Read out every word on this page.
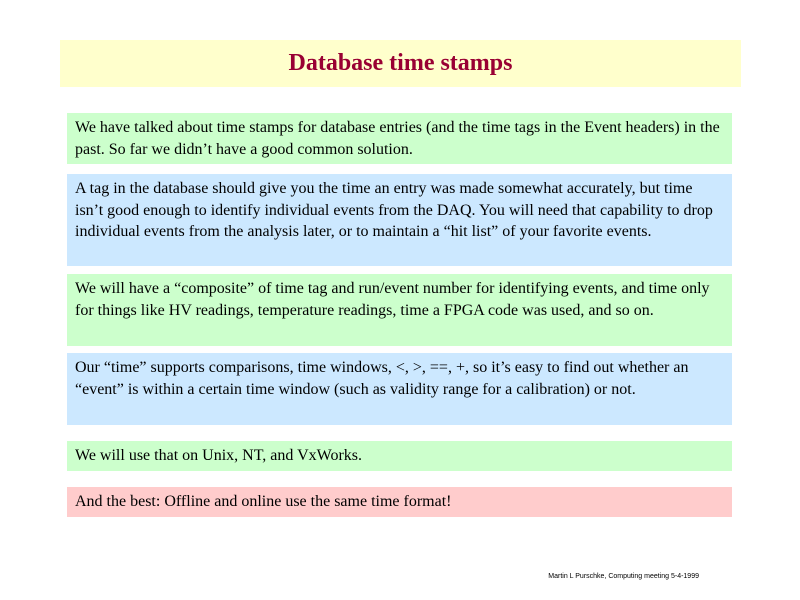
Database time stamps
We have talked about time stamps for database entries (and the time tags in the Event headers) in the past. So far we didn’t have a good common solution.
A tag in the database should give you the time an entry was made somewhat accurately, but time isn’t good enough to identify individual events from the DAQ. You will need that capability to drop individual events from the analysis later, or to maintain a “hit list” of your favorite events.
We will have a “composite” of time tag and run/event number for identifying events, and time only for things like HV readings, temperature readings, time a FPGA code was used, and so on.
Our “time” supports comparisons, time windows, <, >, ==, +, so it’s easy to find out whether an “event” is within a certain time window (such as validity range for a calibration) or not.
We will use that on Unix, NT, and VxWorks.
And the best: Offline and online use the same time format!
Martin L Purschke, Computing meeting 5-4-1999
